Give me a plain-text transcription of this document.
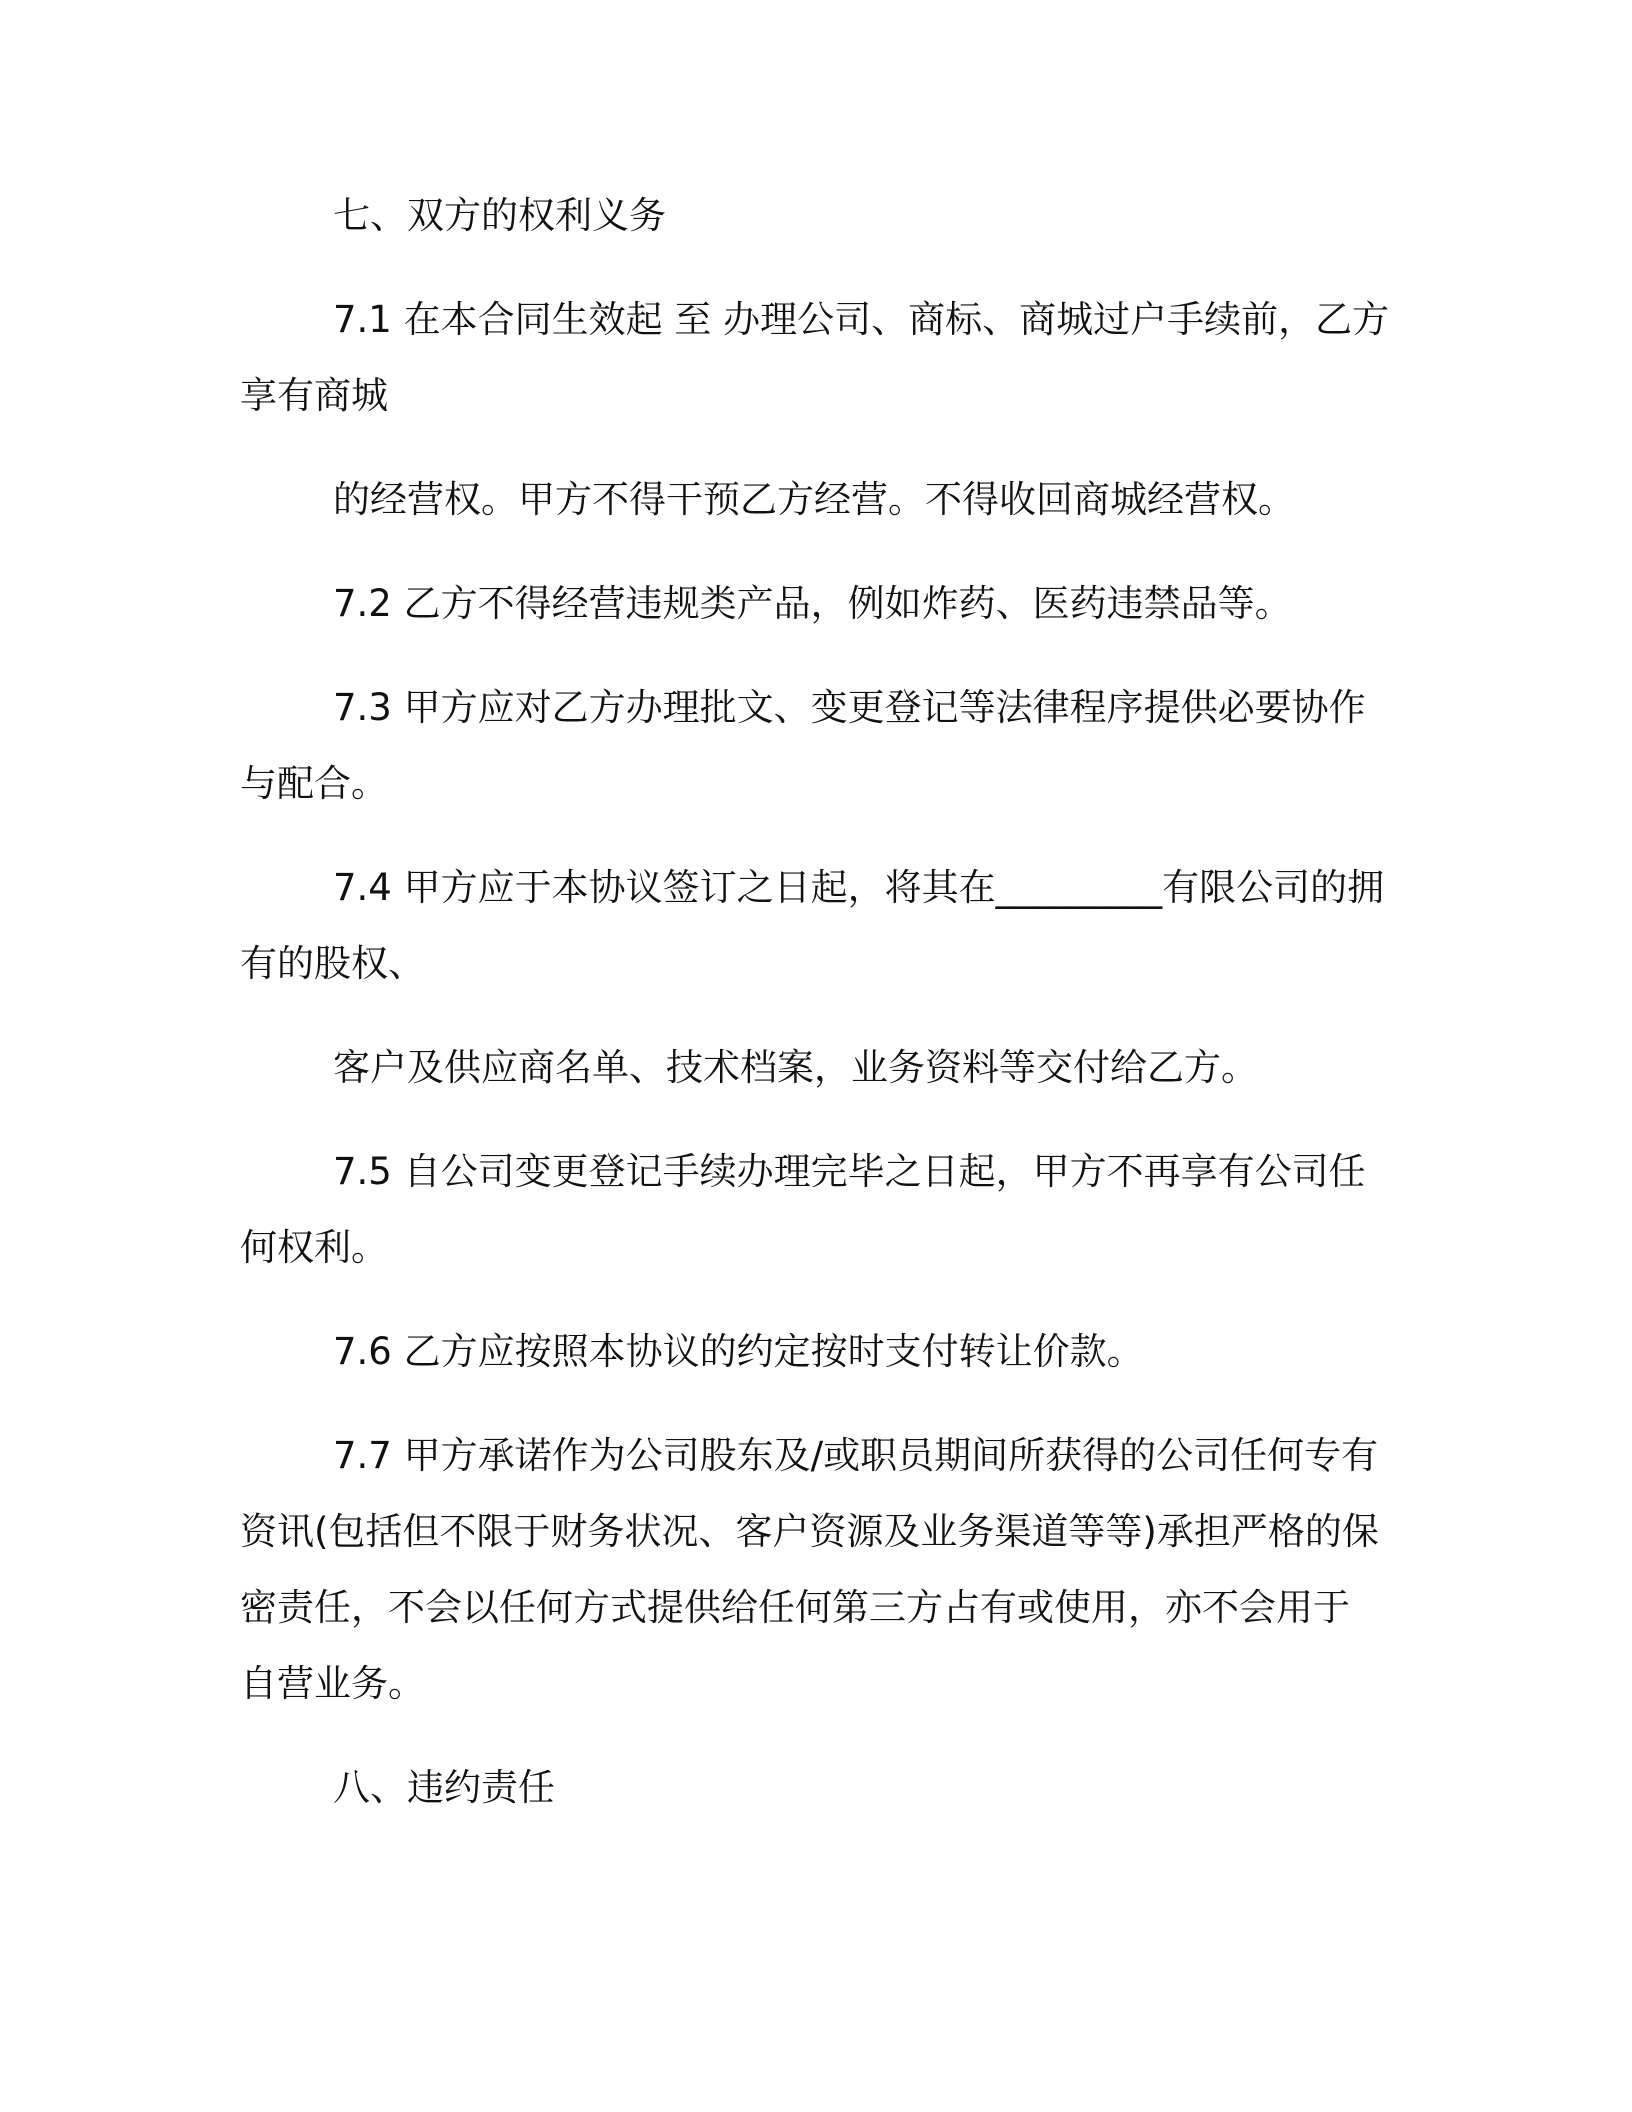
七、双方的权利义务
7.1 在本合同生效起 至 办理公司、商标、商城过户手续前，乙方
享有商城
的经营权。甲方不得干预乙方经营。不得收回商城经营权。
7.2 乙方不得经营违规类产品，例如炸药、医药违禁品等。
7.3 甲方应对乙方办理批文、变更登记等法律程序提供必要协作
与配合。
7.4 甲方应于本协议签订之日起，将其在_________有限公司的拥
有的股权、
客户及供应商名单、技术档案，业务资料等交付给乙方。
7.5 自公司变更登记手续办理完毕之日起，甲方不再享有公司任
何权利。
7.6 乙方应按照本协议的约定按时支付转让价款。
7.7 甲方承诺作为公司股东及/或职员期间所获得的公司任何专有
资讯(包括但不限于财务状况、客户资源及业务渠道等等)承担严格的保
密责任，不会以任何方式提供给任何第三方占有或使用，亦不会用于
自营业务。
八、违约责任
